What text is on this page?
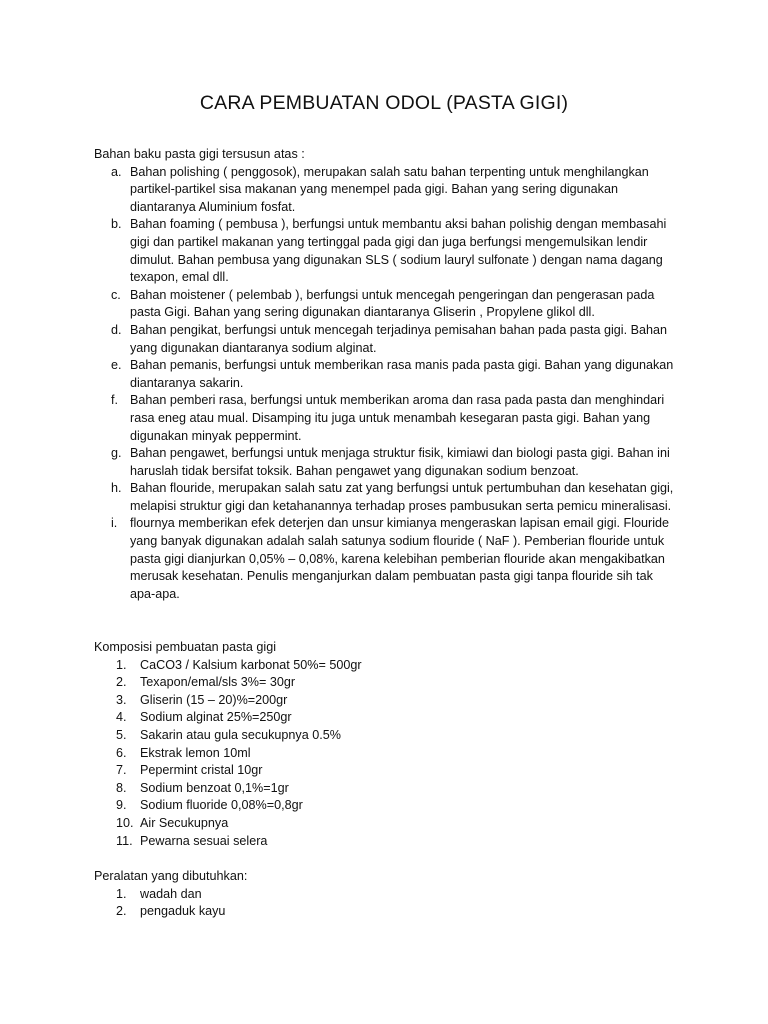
CARA PEMBUATAN ODOL (PASTA GIGI)

Bahan baku pasta gigi tersusun atas :

a. Bahan polishing ( penggosok), merupakan salah satu bahan terpenting untuk menghilangkan partikel-partikel sisa makanan yang menempel pada gigi. Bahan yang sering digunakan diantaranya Aluminium fosfat.
b. Bahan foaming ( pembusa ), berfungsi untuk membantu aksi bahan polishig dengan membasahi gigi dan partikel makanan yang tertinggal pada gigi dan juga berfungsi mengemulsikan lendir dimulut. Bahan pembusa yang digunakan SLS ( sodium lauryl sulfonate ) dengan nama dagang texapon, emal dll.
c. Bahan moistener ( pelembab ), berfungsi untuk mencegah pengeringan dan pengerasan pada pasta Gigi. Bahan yang sering digunakan diantaranya Gliserin , Propylene glikol dll.
d. Bahan pengikat, berfungsi untuk mencegah terjadinya pemisahan bahan pada pasta gigi. Bahan yang digunakan diantaranya sodium alginat.
e. Bahan pemanis, berfungsi untuk memberikan rasa manis pada pasta gigi. Bahan yang digunakan diantaranya sakarin.
f. Bahan pemberi rasa, berfungsi untuk memberikan aroma dan rasa pada pasta dan menghindari rasa eneg atau mual. Disamping itu juga untuk menambah kesegaran pasta gigi. Bahan yang digunakan minyak peppermint.
g. Bahan pengawet, berfungsi untuk menjaga struktur fisik, kimiawi dan biologi pasta gigi. Bahan ini haruslah tidak bersifat toksik. Bahan pengawet yang digunakan sodium benzoat.
h. Bahan flouride, merupakan salah satu zat yang berfungsi untuk pertumbuhan dan kesehatan gigi, melapisi struktur gigi dan ketahanannya terhadap proses pambusukan serta pemicu mineralisasi.
i. flournya memberikan efek deterjen dan unsur kimianya mengeraskan lapisan email gigi. Flouride yang banyak digunakan adalah salah satunya sodium flouride ( NaF ). Pemberian flouride untuk pasta gigi dianjurkan 0,05% – 0,08%, karena kelebihan pemberian flouride akan mengakibatkan merusak kesehatan. Penulis menganjurkan dalam pembuatan pasta gigi tanpa flouride sih tak apa-apa.

Komposisi pembuatan pasta gigi

1. CaCO3 / Kalsium karbonat 50%= 500gr
2. Texapon/emal/sls 3%= 30gr
3. Gliserin (15 – 20)%=200gr
4. Sodium alginat 25%=250gr
5. Sakarin atau gula secukupnya 0.5%
6. Ekstrak lemon 10ml
7. Pepermint cristal 10gr
8. Sodium benzoat 0,1%=1gr
9. Sodium fluoride 0,08%=0,8gr
10. Air Secukupnya
11. Pewarna sesuai selera

Peralatan yang dibutuhkan:

1. wadah dan
2. pengaduk kayu
